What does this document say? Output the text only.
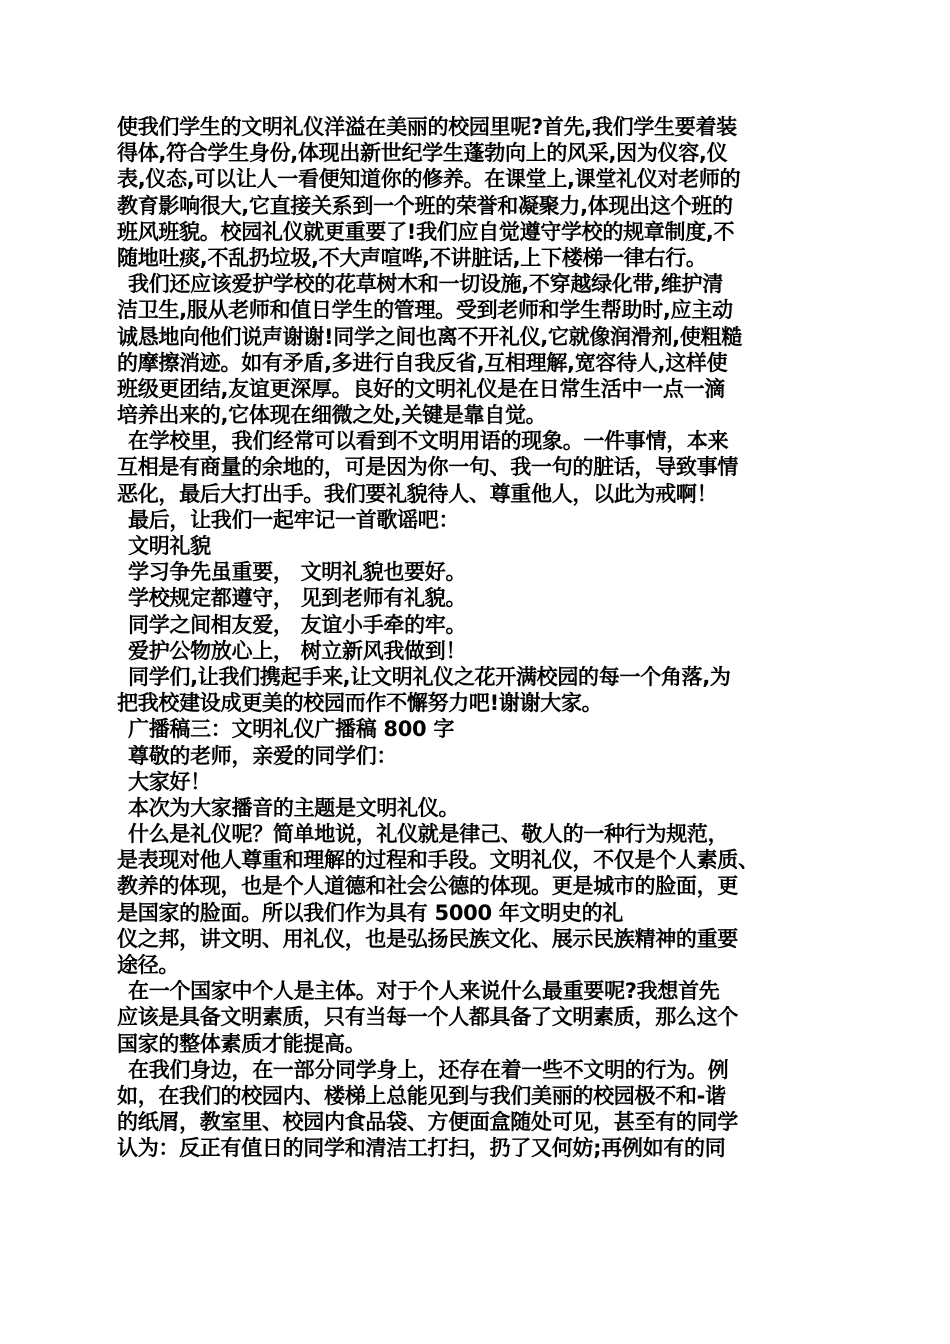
使我们学生的文明礼仪洋溢在美丽的校园里呢?首先,我们学生要着装
得体,符合学生身份,体现出新世纪学生蓬勃向上的风采,因为仪容,仪
表,仪态,可以让人一看便知道你的修养。在课堂上,课堂礼仪对老师的
教育影响很大,它直接关系到一个班的荣誉和凝聚力,体现出这个班的
班风班貌。校园礼仪就更重要了!我们应自觉遵守学校的规章制度,不
随地吐痰,不乱扔垃圾,不大声喧哗,不讲脏话,上下楼梯一律右行。
我们还应该爱护学校的花草树木和一切设施,不穿越绿化带,维护清
洁卫生,服从老师和值日学生的管理。受到老师和学生帮助时,应主动
诚恳地向他们说声谢谢!同学之间也离不开礼仪,它就像润滑剂,使粗糙
的摩擦消迹。如有矛盾,多进行自我反省,互相理解,宽容待人,这样使
班级更团结,友谊更深厚。良好的文明礼仪是在日常生活中一点一滴
培养出来的,它体现在细微之处,关键是靠自觉。
在学校里，我们经常可以看到不文明用语的现象。一件事情，本来
互相是有商量的余地的，可是因为你一句、我一句的脏话，导致事情
恶化，最后大打出手。我们要礼貌待人、尊重他人，以此为戒啊！
最后，让我们一起牢记一首歌谣吧：
文明礼貌
学习争先虽重要， 文明礼貌也要好。
学校规定都遵守， 见到老师有礼貌。
同学之间相友爱， 友谊小手牵的牢。
爱护公物放心上， 树立新风我做到！
同学们,让我们携起手来,让文明礼仪之花开满校园的每一个角落,为
把我校建设成更美的校园而作不懈努力吧!谢谢大家。
广播稿三：文明礼仪广播稿 800 字
尊敬的老师，亲爱的同学们：
大家好！
本次为大家播音的主题是文明礼仪。
什么是礼仪呢？简单地说，礼仪就是律己、敬人的一种行为规范，
是表现对他人尊重和理解的过程和手段。文明礼仪，不仅是个人素质、
教养的体现，也是个人道德和社会公德的体现。更是城市的脸面，更
是国家的脸面。所以我们作为具有 5000 年文明史的礼
仪之邦，讲文明、用礼仪，也是弘扬民族文化、展示民族精神的重要
途径。
在一个国家中个人是主体。对于个人来说什么最重要呢?我想首先
应该是具备文明素质，只有当每一个人都具备了文明素质，那么这个
国家的整体素质才能提高。
在我们身边，在一部分同学身上，还存在着一些不文明的行为。例
如，在我们的校园内、楼梯上总能见到与我们美丽的校园极不和-谐
的纸屑，教室里、校园内食品袋、方便面盒随处可见，甚至有的同学
认为：反正有值日的同学和清洁工打扫，扔了又何妨;再例如有的同
